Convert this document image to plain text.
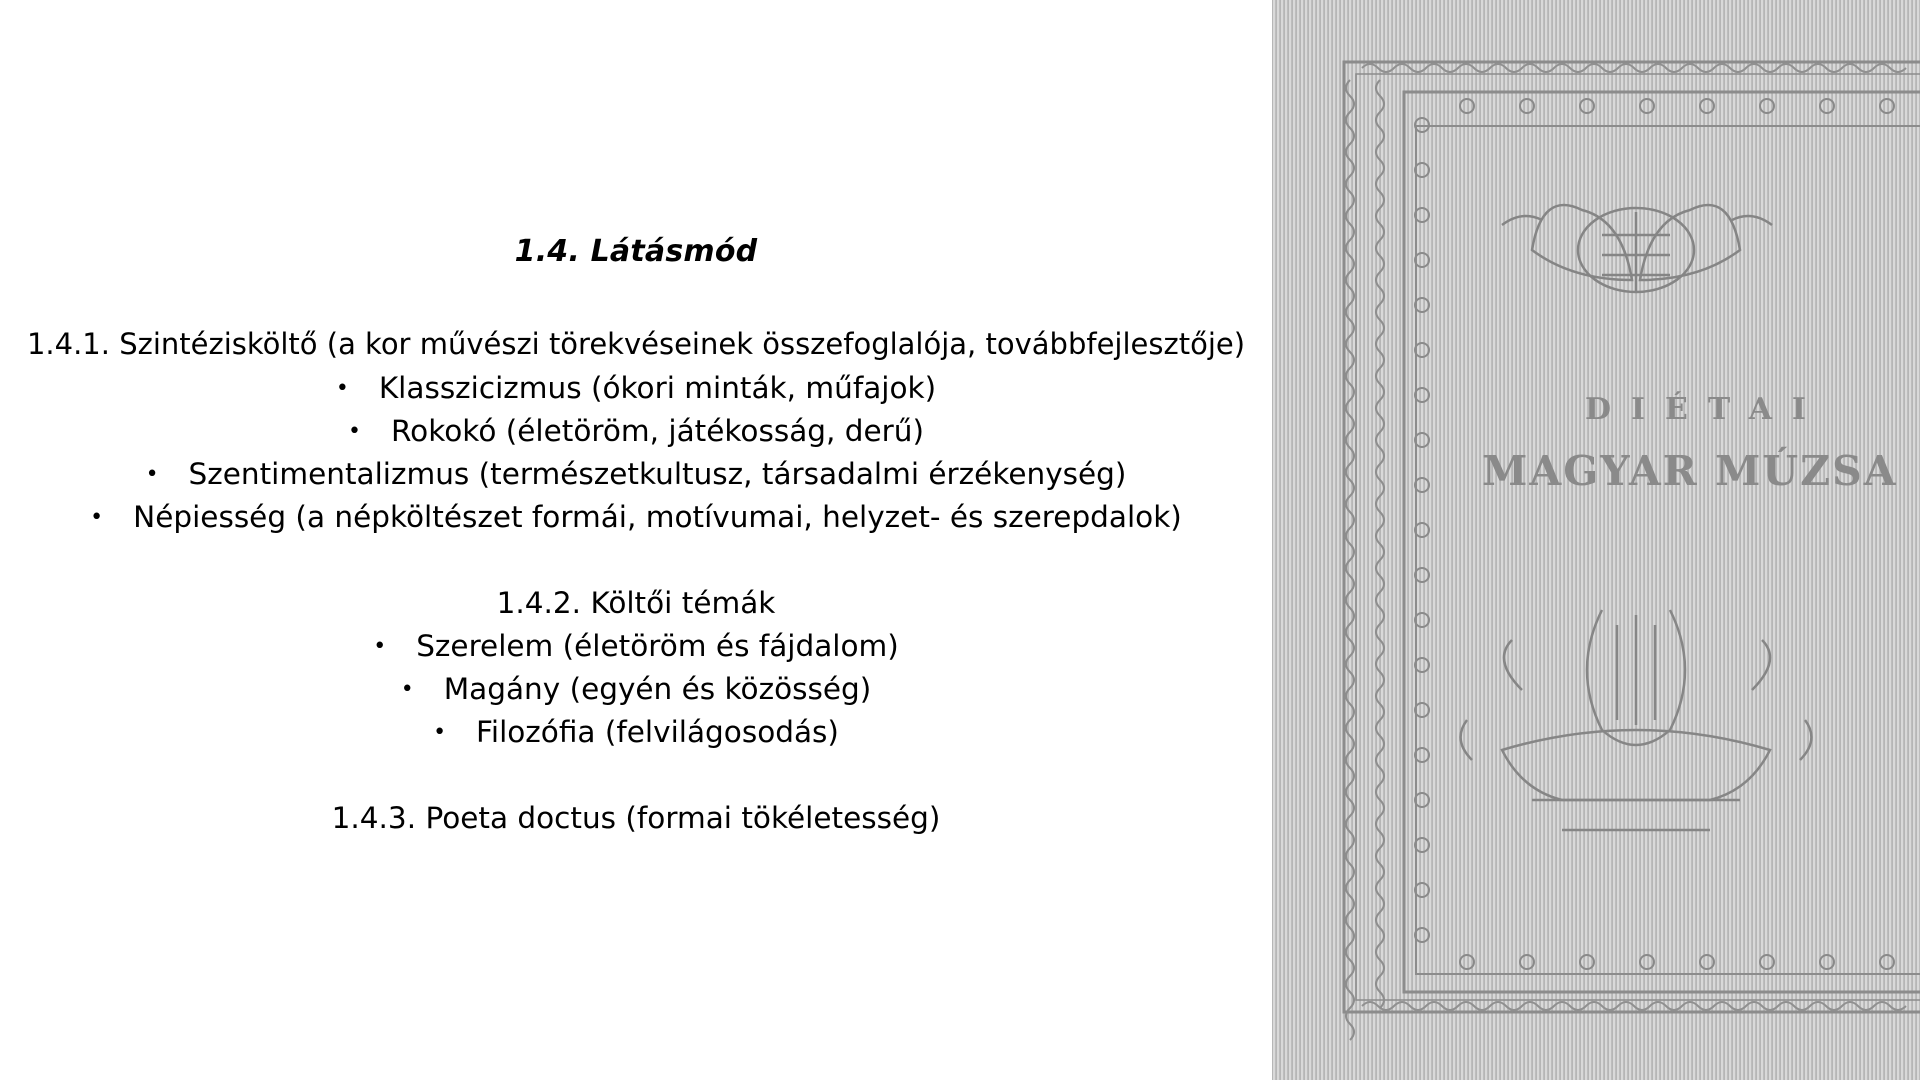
1.4. Látásmód
1.4.1. Szintézisköltő (a kor művészi törekvéseinek összefoglalója, továbbfejlesztője)
• Klasszicizmus (ókori minták, műfajok)
• Rokokó (életöröm, játékosság, derű)
• Szentimentalizmus (természetkultusz, társadalmi érzékenység)
• Népiesség (a népköltészet formái, motívumai, helyzet- és szerepdalok)
1.4.2. Költői témák
• Szerelem (életöröm és fájdalom)
• Magány (egyén és közösség)
• Filozófia (felvilágosodás)
1.4.3. Poeta doctus (formai tökéletesség)
DIÉTAI
MAGYAR MÚZSA
